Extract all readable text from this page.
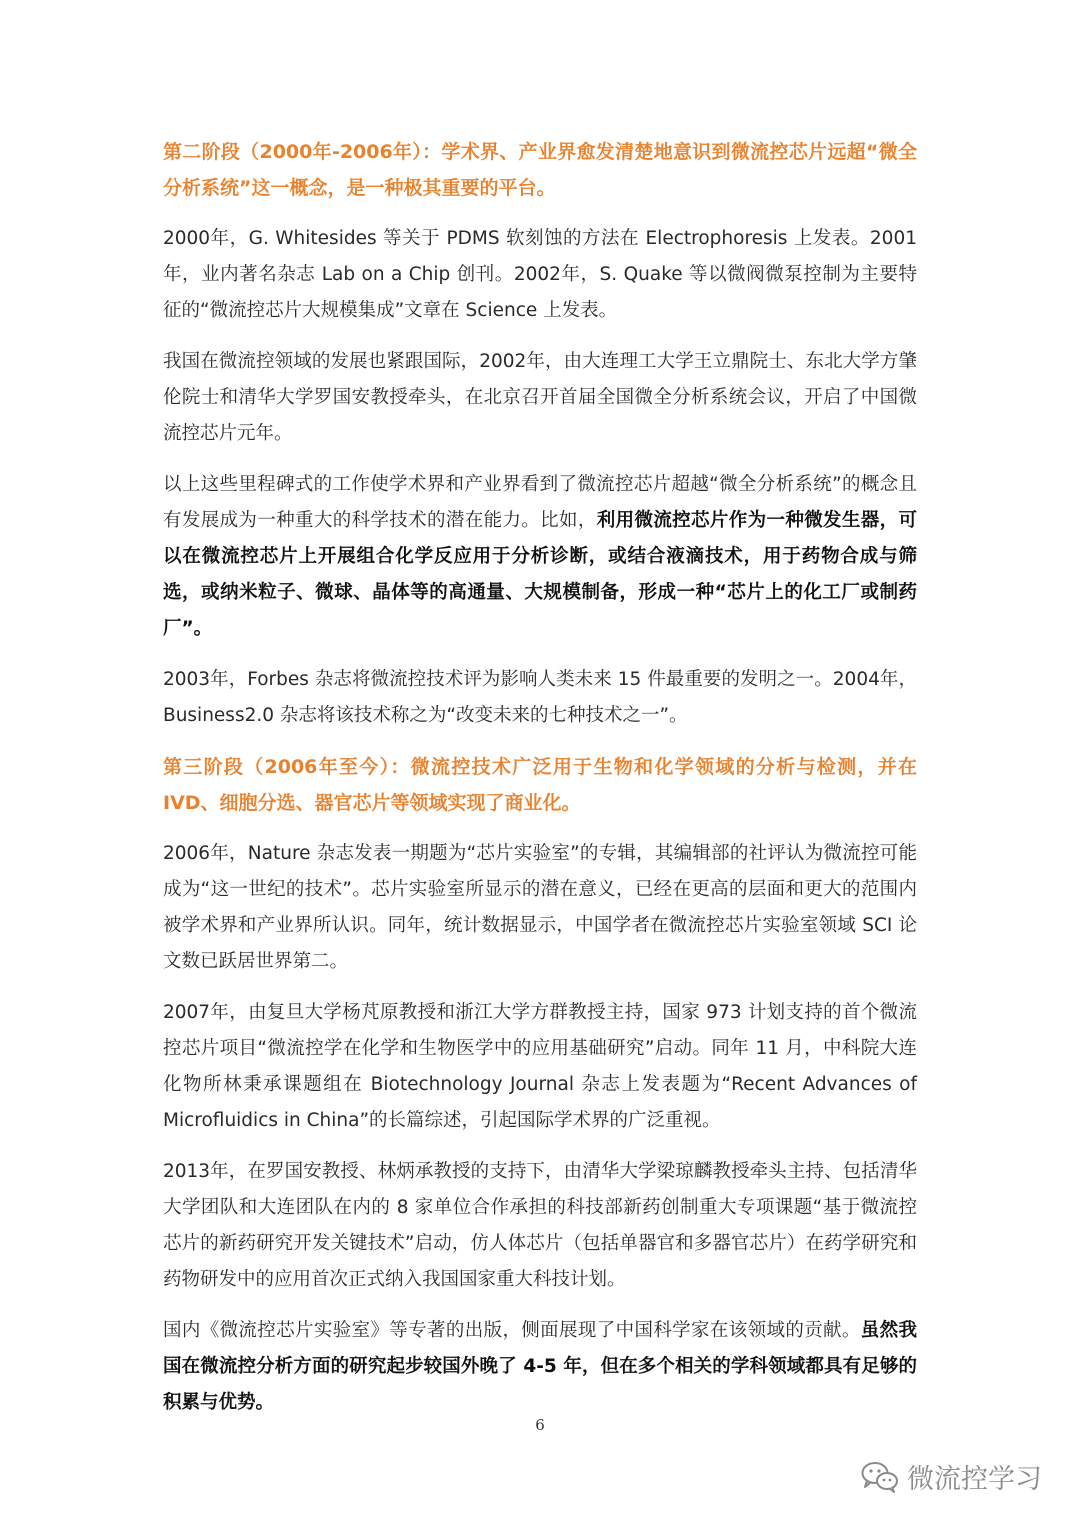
第二阶段（2000年-2006年）：学术界、产业界愈发清楚地意识到微流控芯片远超“微全分析系统”这一概念，是一种极其重要的平台。

2000年，G. Whitesides 等关于 PDMS 软刻蚀的方法在 Electrophoresis 上发表。2001年，业内著名杂志 Lab on a Chip 创刊。2002年，S. Quake 等以微阀微泵控制为主要特征的“微流控芯片大规模集成”文章在 Science 上发表。

我国在微流控领域的发展也紧跟国际，2002年，由大连理工大学王立鼎院士、东北大学方肇伦院士和清华大学罗国安教授牵头，在北京召开首届全国微全分析系统会议，开启了中国微流控芯片元年。

以上这些里程碑式的工作使学术界和产业界看到了微流控芯片超越“微全分析系统”的概念且有发展成为一种重大的科学技术的潜在能力。比如，利用微流控芯片作为一种微发生器，可以在微流控芯片上开展组合化学反应用于分析诊断，或结合液滴技术，用于药物合成与筛选，或纳米粒子、微球、晶体等的高通量、大规模制备，形成一种“芯片上的化工厂或制药厂”。

2003年，Forbes 杂志将微流控技术评为影响人类未来 15 件最重要的发明之一。2004年，Business2.0 杂志将该技术称之为“改变未来的七种技术之一”。

第三阶段（2006年至今）：微流控技术广泛用于生物和化学领域的分析与检测，并在 IVD、细胞分选、器官芯片等领域实现了商业化。

2006年，Nature 杂志发表一期题为“芯片实验室”的专辑，其编辑部的社评认为微流控可能成为“这一世纪的技术”。芯片实验室所显示的潜在意义，已经在更高的层面和更大的范围内被学术界和产业界所认识。同年，统计数据显示，中国学者在微流控芯片实验室领域 SCI 论文数已跃居世界第二。

2007年，由复旦大学杨芃原教授和浙江大学方群教授主持，国家 973 计划支持的首个微流控芯片项目“微流控学在化学和生物医学中的应用基础研究”启动。同年 11 月，中科院大连化物所林秉承课题组在 Biotechnology Journal 杂志上发表题为“Recent Advances of Microfluidics in China”的长篇综述，引起国际学术界的广泛重视。

2013年，在罗国安教授、林炳承教授的支持下，由清华大学梁琼麟教授牵头主持、包括清华大学团队和大连团队在内的 8 家单位合作承担的科技部新药创制重大专项课题“基于微流控芯片的新药研究开发关键技术”启动，仿人体芯片（包括单器官和多器官芯片）在药学研究和药物研发中的应用首次正式纳入我国国家重大科技计划。

国内《微流控芯片实验室》等专著的出版，侧面展现了中国科学家在该领域的贡献。虽然我国在微流控分析方面的研究起步较国外晚了 4-5 年，但在多个相关的学科领域都具有足够的积累与优势。

6
微流控学习
